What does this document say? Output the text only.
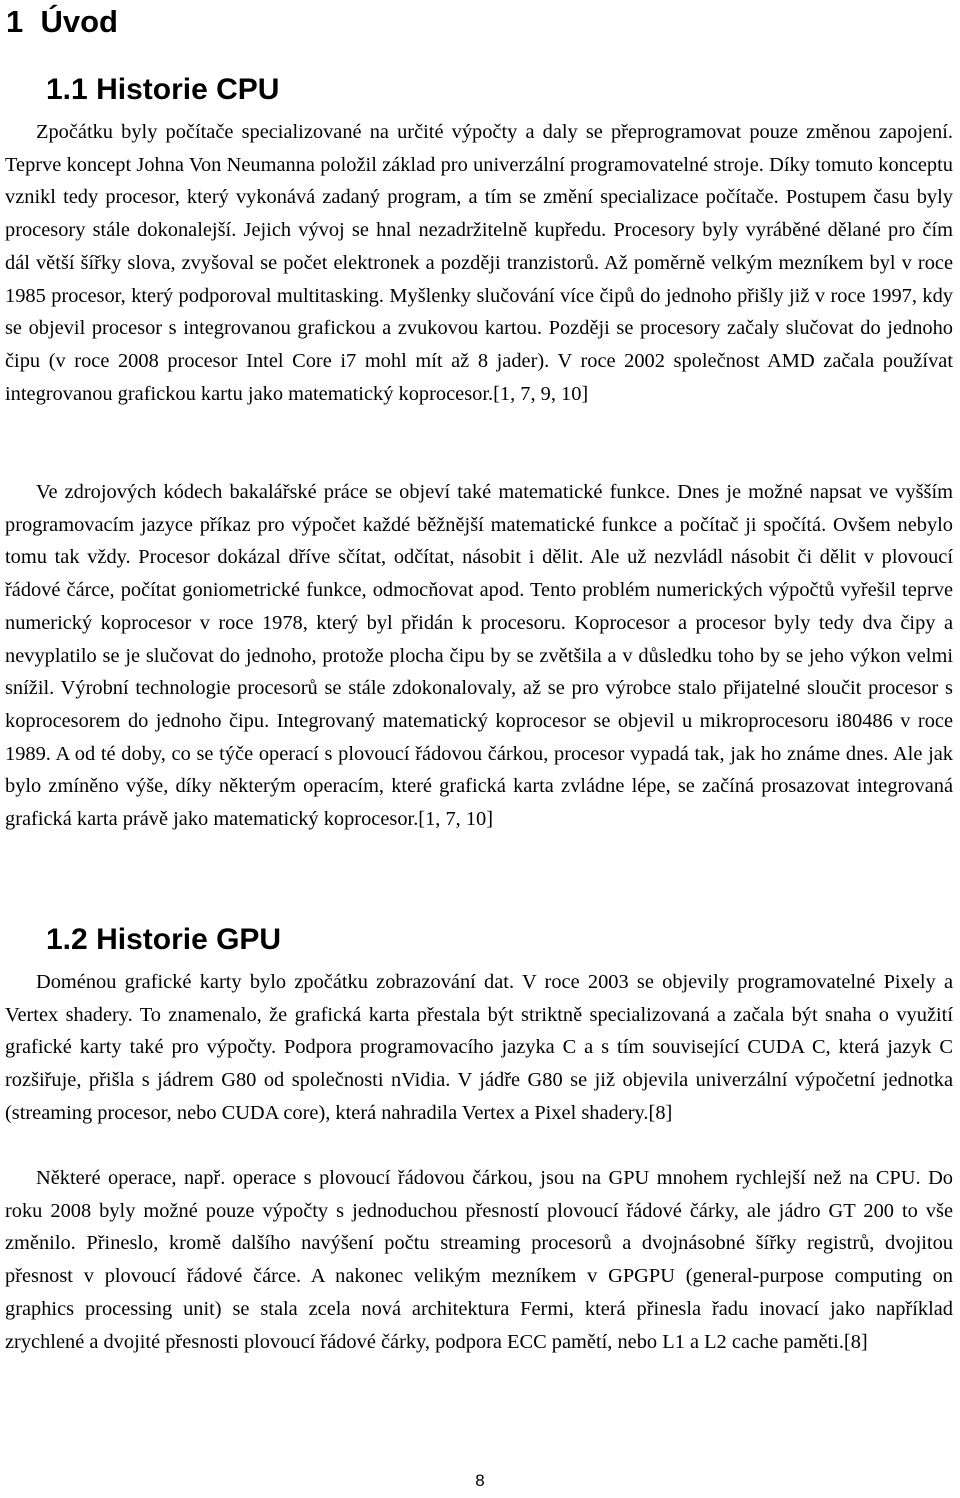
1 Úvod
1.1 Historie CPU

Zpočátku byly počítače specializované na určité výpočty a daly se přeprogramovat pouze změnou zapojení. Teprve koncept Johna Von Neumanna položil základ pro univerzální programovatelné stroje. Díky tomuto konceptu vznikl tedy procesor, který vykonává zadaný program, a tím se změní specializace počítače. Postupem času byly procesory stále dokonalejší. Jejich vývoj se hnal nezadržitelně kupředu. Procesory byly vyráběné dělané pro čím dál větší šířky slova, zvyšoval se počet elektronek a později tranzistorů. Až poměrně velkým mezníkem byl v roce 1985 procesor, který podporoval multitasking. Myšlenky slučování více čipů do jednoho přišly již v roce 1997, kdy se objevil procesor s integrovanou grafickou a zvukovou kartou. Později se procesory začaly slučovat do jednoho čipu (v roce 2008 procesor Intel Core i7 mohl mít až 8 jader). V roce 2002 společnost AMD začala používat integrovanou grafickou kartu jako matematický koprocesor.[1, 7, 9, 10]

Ve zdrojových kódech bakalářské práce se objeví také matematické funkce. Dnes je možné napsat ve vyšším programovacím jazyce příkaz pro výpočet každé běžnější matematické funkce a počítač ji spočítá. Ovšem nebylo tomu tak vždy. Procesor dokázal dříve sčítat, odčítat, násobit i dělit. Ale už nezvládl násobit či dělit v plovoucí řádové čárce, počítat goniometrické funkce, odmocňovat apod. Tento problém numerických výpočtů vyřešil teprve numerický koprocesor v roce 1978, který byl přidán k procesoru. Koprocesor a procesor byly tedy dva čipy a nevyplatilo se je slučovat do jednoho, protože plocha čipu by se zvětšila a v důsledku toho by se jeho výkon velmi snížil. Výrobní technologie procesorů se stále zdokonalovaly, až se pro výrobce stalo přijatelné sloučit procesor s koprocesorem do jednoho čipu. Integrovaný matematický koprocesor se objevil u mikroprocesoru i80486 v roce 1989. A od té doby, co se týče operací s plovoucí řádovou čárkou, procesor vypadá tak, jak ho známe dnes. Ale jak bylo zmíněno výše, díky některým operacím, které grafická karta zvládne lépe, se začíná prosazovat integrovaná grafická karta právě jako matematický koprocesor.[1, 7, 10]

1.2 Historie GPU

Doménou grafické karty bylo zpočátku zobrazování dat. V roce 2003 se objevily programovatelné Pixely a Vertex shadery. To znamenalo, že grafická karta přestala být striktně specializovaná a začala být snaha o využití grafické karty také pro výpočty. Podpora programovacího jazyka C a s tím související CUDA C, která jazyk C rozšiřuje, přišla s jádrem G80 od společnosti nVidia. V jádře G80 se již objevila univerzální výpočetní jednotka (streaming procesor, nebo CUDA core), která nahradila Vertex a Pixel shadery.[8]

Některé operace, např. operace s plovoucí řádovou čárkou, jsou na GPU mnohem rychlejší než na CPU. Do roku 2008 byly možné pouze výpočty s jednoduchou přesností plovoucí řádové čárky, ale jádro GT 200 to vše změnilo. Přineslo, kromě dalšího navýšení počtu streaming procesorů a dvojnásobné šířky registrů, dvojitou přesnost v plovoucí řádové čárce. A nakonec velikým mezníkem v GPGPU (general-purpose computing on graphics processing unit) se stala zcela nová architektura Fermi, která přinesla řadu inovací jako například zrychlené a dvojité přesnosti plovoucí řádové čárky, podpora ECC pamětí, nebo L1 a L2 cache paměti.[8]

8
